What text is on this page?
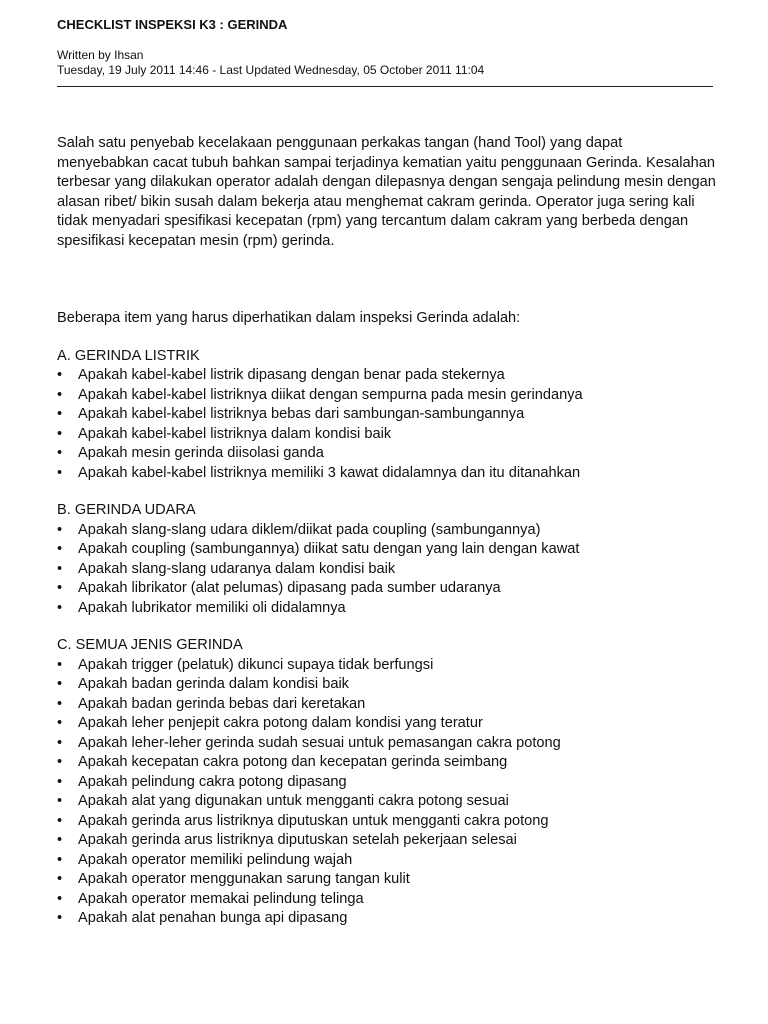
CHECKLIST INSPEKSI K3 : GERINDA
Written by Ihsan
Tuesday, 19 July 2011 14:46 - Last Updated Wednesday, 05 October 2011 11:04

Salah satu penyebab kecelakaan penggunaan perkakas tangan (hand Tool) yang dapat menyebabkan cacat tubuh bahkan sampai terjadinya kematian yaitu penggunaan Gerinda. Kesalahan terbesar yang dilakukan operator adalah dengan dilepasnya dengan sengaja pelindung mesin dengan alasan ribet/ bikin susah dalam bekerja atau menghemat cakram gerinda. Operator juga sering kali tidak menyadari spesifikasi kecepatan (rpm) yang tercantum dalam cakram yang berbeda dengan spesifikasi kecepatan mesin (rpm) gerinda.

Beberapa item yang harus diperhatikan dalam inspeksi Gerinda adalah:

A. GERINDA LISTRIK
• Apakah kabel-kabel listrik dipasang dengan benar pada stekernya
• Apakah kabel-kabel listriknya diikat dengan sempurna pada mesin gerindanya
• Apakah kabel-kabel listriknya bebas dari sambungan-sambungannya
• Apakah kabel-kabel listriknya dalam kondisi baik
• Apakah mesin gerinda diisolasi ganda
• Apakah kabel-kabel listriknya memiliki 3 kawat didalamnya dan itu ditanahkan
B. GERINDA UDARA
• Apakah slang-slang udara diklem/diikat pada coupling (sambungannya)
• Apakah coupling (sambungannya) diikat satu dengan yang lain dengan kawat
• Apakah slang-slang udaranya dalam kondisi baik
• Apakah librikator (alat pelumas) dipasang pada sumber udaranya
• Apakah lubrikator memiliki oli didalamnya
C. SEMUA JENIS GERINDA
• Apakah trigger (pelatuk) dikunci supaya tidak berfungsi
• Apakah badan gerinda dalam kondisi baik
• Apakah badan gerinda bebas dari keretakan
• Apakah leher penjepit cakra potong dalam kondisi yang teratur
• Apakah leher-leher gerinda sudah sesuai untuk pemasangan cakra potong
• Apakah kecepatan cakra potong dan kecepatan gerinda seimbang
• Apakah pelindung cakra potong dipasang
• Apakah alat yang digunakan untuk mengganti cakra potong sesuai
• Apakah gerinda arus listriknya diputuskan untuk mengganti cakra potong
• Apakah gerinda arus listriknya diputuskan setelah pekerjaan selesai
• Apakah operator memiliki pelindung wajah
• Apakah operator menggunakan sarung tangan kulit
• Apakah operator memakai pelindung telinga
• Apakah alat penahan bunga api dipasang
